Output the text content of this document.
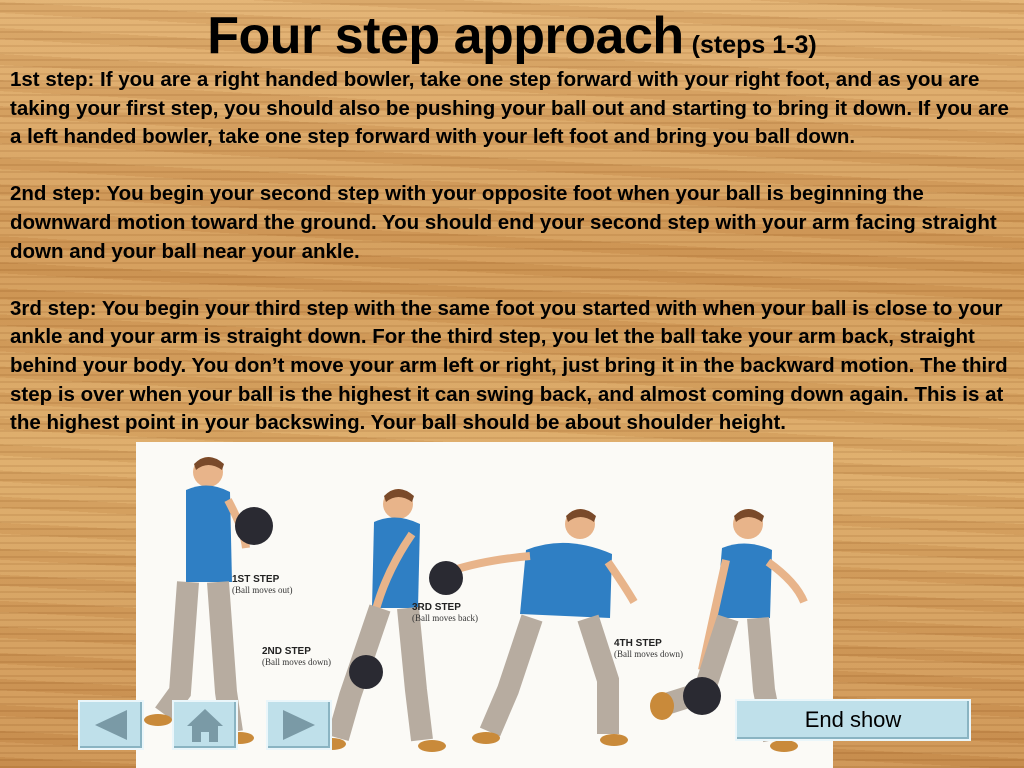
Four step approach (steps 1-3)
1ST STEP
(Ball moves out)
2ND STEP
(Ball moves down)
3RD STEP
(Ball moves back)
4TH STEP
(Ball moves down)

1st step: If you are a right handed bowler, take one step forward with your right foot, and as you are taking your first step, you should also be pushing your ball out and starting to bring it down. If you are a left handed bowler, take one step forward with your left foot and bring you ball down.

2nd step: You begin your second step with your opposite foot when your ball is beginning the downward motion toward the ground. You should end your second step with your arm facing straight down and your ball near your ankle.

3rd step: You begin your third step with the same foot you started with when your ball is close to your ankle and your arm is straight down. For the third step, you let the ball take your arm back, straight behind your body. You don’t move your arm left or right, just bring it in the backward motion. The third step is over when your ball is the highest it can swing back, and almost coming down again. This is at the highest point in your backswing. Your ball should be about shoulder height.

End show
